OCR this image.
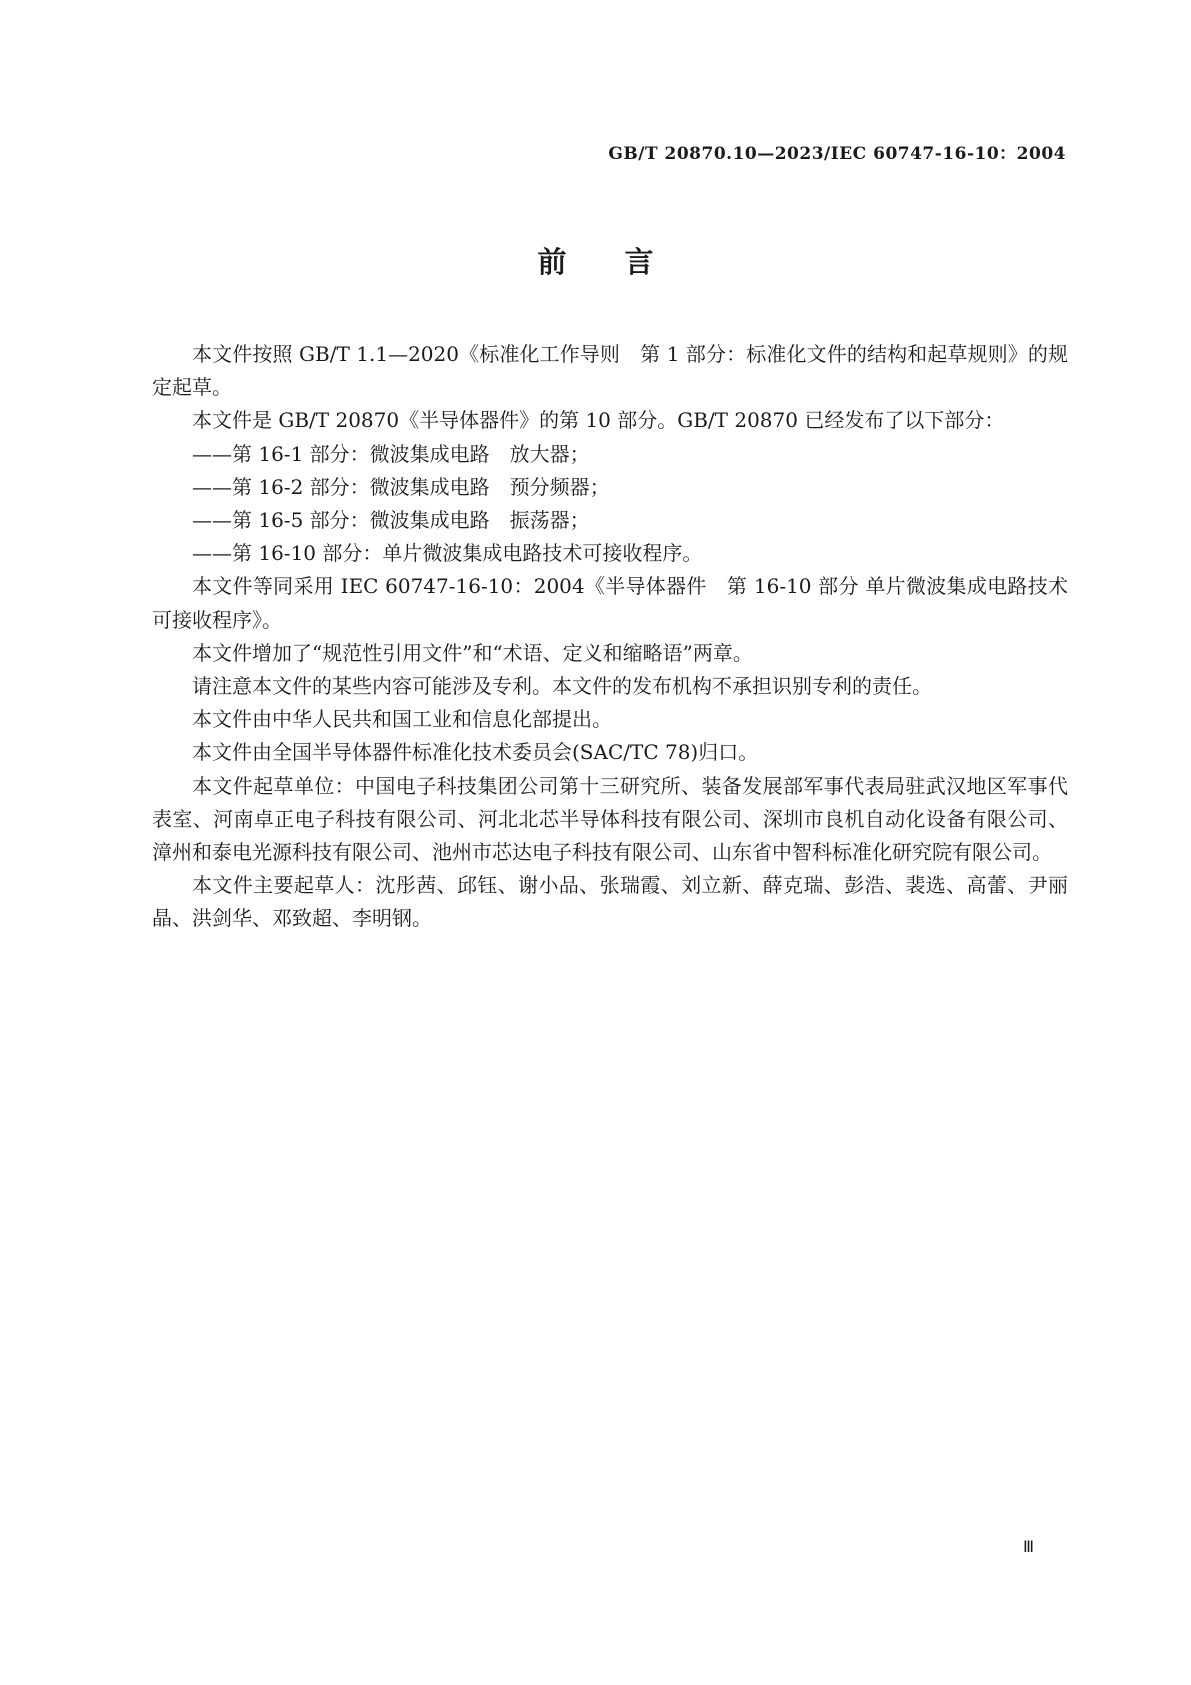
GB/T 20870.10—2023/IEC 60747-16-10：2004
前言

本文件按照 GB/T 1.1—2020《标准化工作导则　第 1 部分：标准化文件的结构和起草规则》的规定起草。

本文件是 GB/T 20870《半导体器件》的第 10 部分。GB/T 20870 已经发布了以下部分：

——第 16-1 部分：微波集成电路　放大器；

——第 16-2 部分：微波集成电路　预分频器；

——第 16-5 部分：微波集成电路　振荡器；

——第 16-10 部分：单片微波集成电路技术可接收程序。

本文件等同采用 IEC 60747-16-10：2004《半导体器件　第 16-10 部分 单片微波集成电路技术可接收程序》。

本文件增加了“规范性引用文件”和“术语、定义和缩略语”两章。

请注意本文件的某些内容可能涉及专利。本文件的发布机构不承担识别专利的责任。

本文件由中华人民共和国工业和信息化部提出。

本文件由全国半导体器件标准化技术委员会(SAC/TC 78)归口。

本文件起草单位：中国电子科技集团公司第十三研究所、装备发展部军事代表局驻武汉地区军事代表室、河南卓正电子科技有限公司、河北北芯半导体科技有限公司、深圳市良机自动化设备有限公司、漳州和泰电光源科技有限公司、池州市芯达电子科技有限公司、山东省中智科标准化研究院有限公司。

本文件主要起草人：沈彤茜、邱钰、谢小品、张瑞霞、刘立新、薛克瑞、彭浩、裴选、高蕾、尹丽晶、洪剑华、邓致超、李明钢。

Ⅲ
